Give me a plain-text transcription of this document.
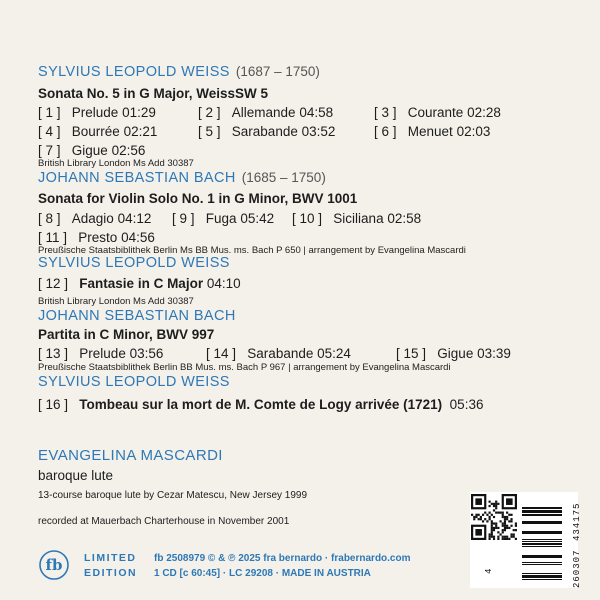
SYLVIUS LEOPOLD WEISS (1687 – 1750)
Sonata No. 5 in G Major, WeissSW 5
[ 1 ] Prelude 01:29	[ 2 ] Allemande 04:58	[ 3 ] Courante 02:28
[ 4 ] Bourrée 02:21	[ 5 ] Sarabande 03:52	[ 6 ] Menuet 02:03
[ 7 ] Gigue 02:56
British Library London Ms Add 30387
JOHANN SEBASTIAN BACH (1685 – 1750)
Sonata for Violin Solo No. 1 in G Minor, BWV 1001
[ 8 ] Adagio 04:12 [ 9 ] Fuga 05:42 [ 10 ] Siciliana 02:58
[ 11 ] Presto 04:56
Preußische Staatsbiblithek Berlin Ms BB Mus. ms. Bach P 650 | arrangement by Evangelina Mascardi
SYLVIUS LEOPOLD WEISS
[ 12 ] Fantasie in C Major 04:10
British Library London Ms Add 30387
JOHANN SEBASTIAN BACH
Partita in C Minor, BWV 997
[ 13 ] Prelude 03:56	[ 14 ] Sarabande 05:24	[ 15 ] Gigue 03:39
Preußische Staatsbiblithek Berlin BB Mus. ms. Bach P 967 | arrangement by Evangelina Mascardi
SYLVIUS LEOPOLD WEISS
[ 16 ] Tombeau sur la mort de M. Comte de Logy arrivée (1721) 05:36
EVANGELINA MASCARDI
baroque lute
13-course baroque lute by Cezar Matescu, New Jersey 1999
recorded at Mauerbach Charterhouse in November 2001
fb LIMITED
EDITION
fb 2508979 © & ℗ 2025 fra bernardo · frabernardo.com
1 CD [c 60:45] · LC 29208 · MADE IN AUSTRIA	4	260307
434175
